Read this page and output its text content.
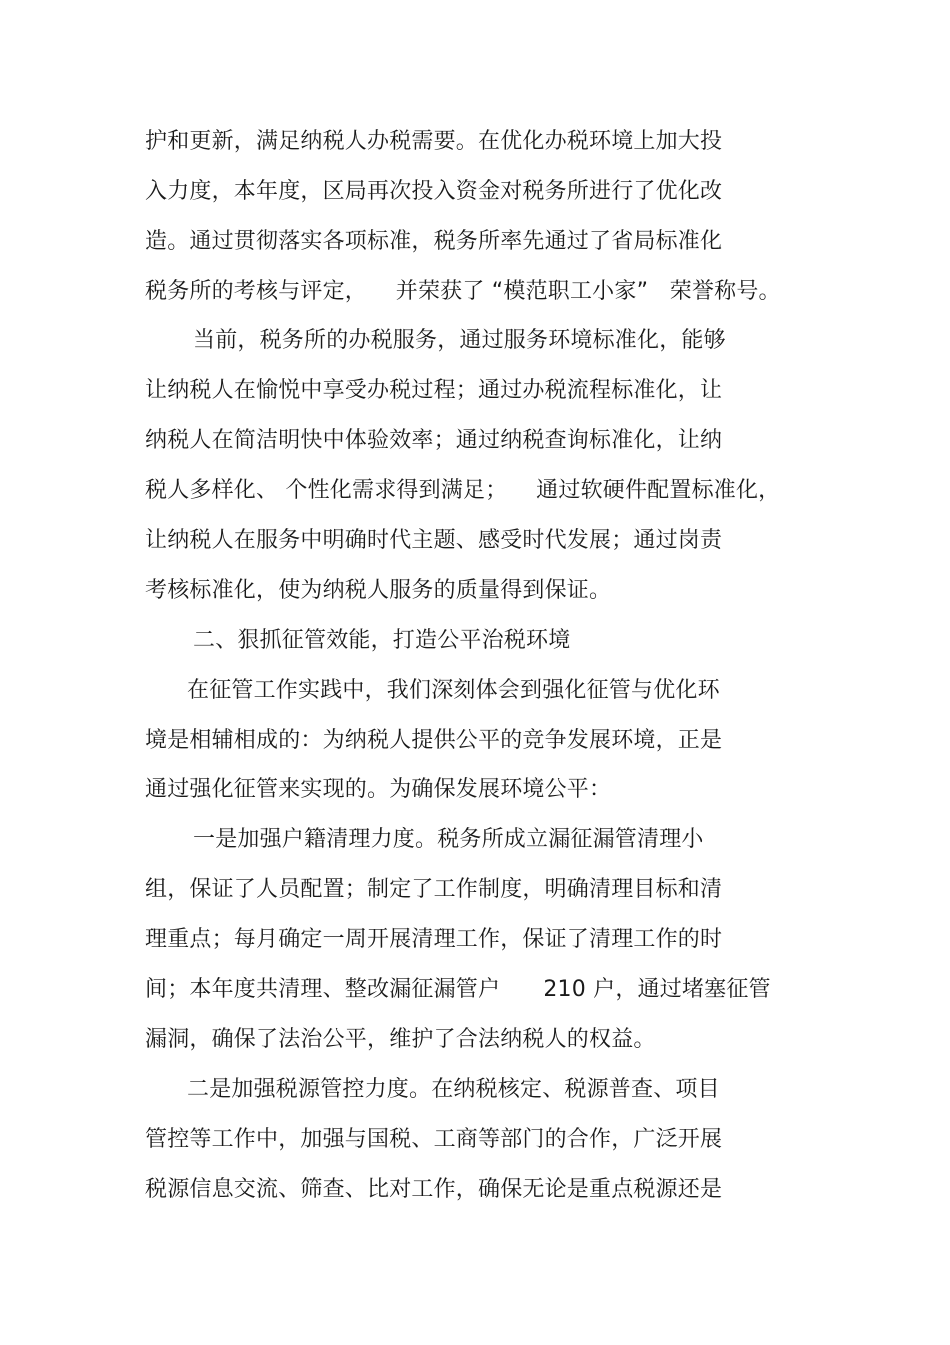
护和更新，满足纳税人办税需要。在优化办税环境上加大投
入力度，本年度，区局再次投入资金对税务所进行了优化改
造。通过贯彻落实各项标准，税务所率先通过了省局标准化
税务所的考核与评定，    并荣获了 “模范职工小家”   荣誉称号。
当前，税务所的办税服务，通过服务环境标准化，能够
让纳税人在愉悦中享受办税过程；通过办税流程标准化，让
纳税人在简洁明快中体验效率；通过纳税查询标准化，让纳
税人多样化、 个性化需求得到满足；    通过软硬件配置标准化，
让纳税人在服务中明确时代主题、感受时代发展；通过岗责
考核标准化，使为纳税人服务的质量得到保证。
二、狠抓征管效能，打造公平治税环境
在征管工作实践中，我们深刻体会到强化征管与优化环
境是相辅相成的：为纳税人提供公平的竞争发展环境，正是
通过强化征管来实现的。为确保发展环境公平：
一是加强户籍清理力度。税务所成立漏征漏管清理小
组，保证了人员配置；制定了工作制度，明确清理目标和清
理重点；每月确定一周开展清理工作，保证了清理工作的时
间；本年度共清理、整改漏征漏管户      210 户，通过堵塞征管
漏洞，确保了法治公平，维护了合法纳税人的权益。
二是加强税源管控力度。在纳税核定、税源普查、项目
管控等工作中，加强与国税、工商等部门的合作，广泛开展
税源信息交流、筛查、比对工作，确保无论是重点税源还是
